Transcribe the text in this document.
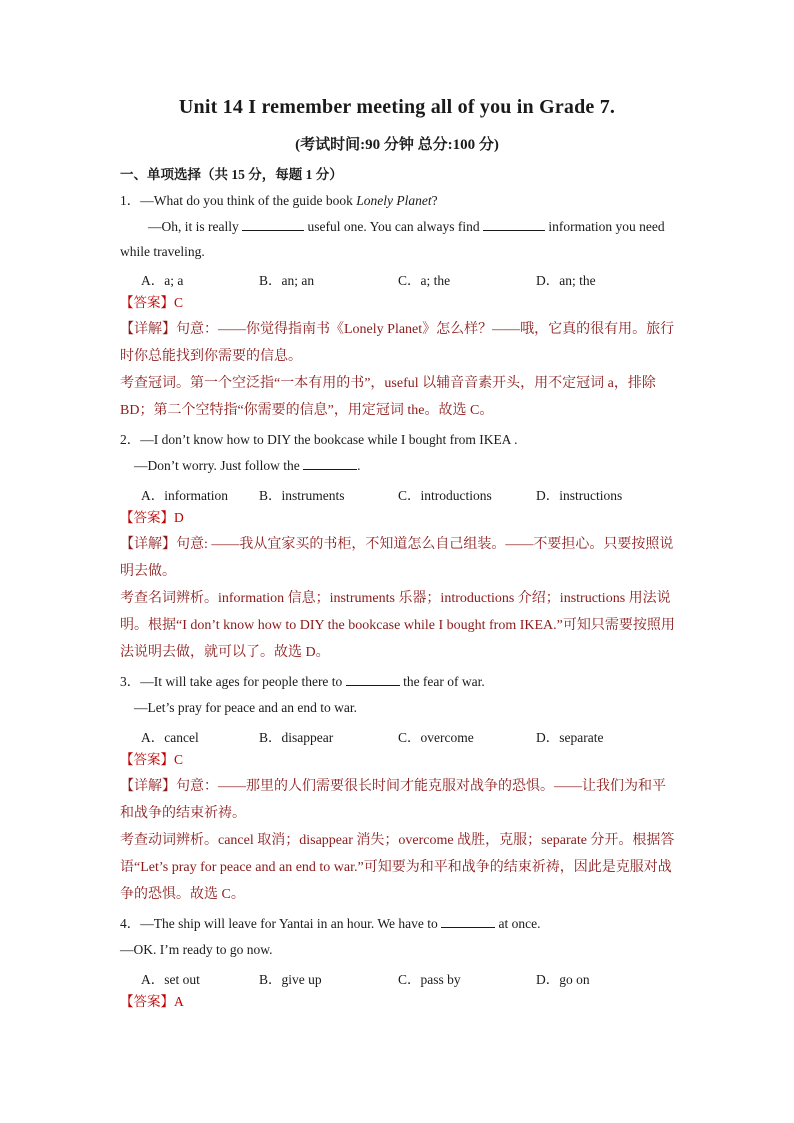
Unit 14 I remember meeting all of you in Grade 7.
(考试时间:90 分钟 总分:100 分)
一、单项选择（共 15 分，每题 1 分）
1．—What do you think of the guide book Lonely Planet?
—Oh, it is really	useful one. You can always find	information you need
while traveling.
A．a; a	B．an; an	C．a; the	D．an; the
【答案】C
【详解】句意：——你觉得指南书《Lonely Planet》怎么样？——哦，它真的很有用。旅行
时你总能找到你需要的信息。
考查冠词。第一个空泛指“一本有用的书”，useful 以辅音音素开头，用不定冠词 a，排除
BD；第二个空特指“你需要的信息”，用定冠词 the。故选 C。
2．—I don’t know how to DIY the bookcase while I bought from IKEA .
—Don’t worry. Just follow the	.
A．information B．instruments	C．introductions	D．instructions
【答案】D
【详解】句意: ——我从宜家买的书柜，不知道怎么自己组装。——不要担心。只要按照说
明去做。
考查名词辨析。information 信息；instruments 乐器；introductions 介绍；instructions 用法说
明。根据“I don’t know how to DIY the bookcase while I bought from IKEA.”可知只需要按照用
法说明去做，就可以了。故选 D。
3．—It will take ages for people there to	the fear of war.
—Let’s pray for peace and an end to war.
A．cancel	B．disappear	C．overcome	D．separate
【答案】C
【详解】句意：——那里的人们需要很长时间才能克服对战争的恐惧。——让我们为和平
和战争的结束祈祷。
考查动词辨析。cancel 取消；disappear 消失；overcome 战胜，克服；separate 分开。根据答
语“Let’s pray for peace and an end to war.”可知要为和平和战争的结束祈祷，因此是克服对战
争的恐惧。故选 C。
4．—The ship will leave for Yantai in an hour. We have to	at once.
—OK. I’m ready to go now.
A．set out	B．give up	C．pass by	D．go on
【答案】A
